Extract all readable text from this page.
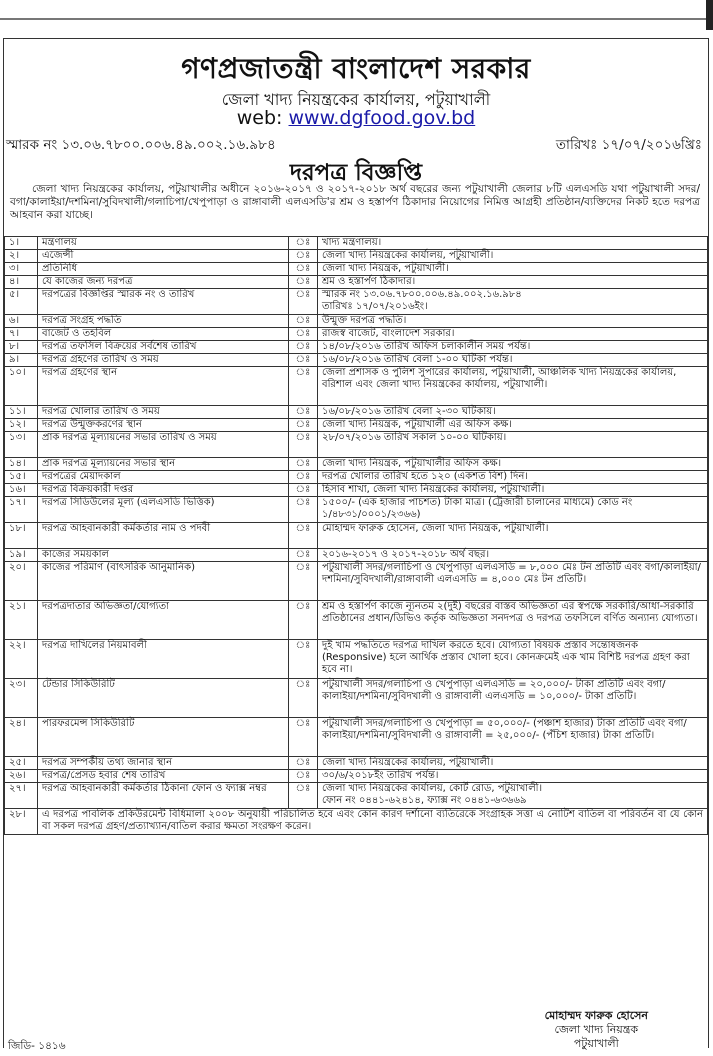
গণপ্রজাতন্ত্রী বাংলাদেশ সরকার
জেলা খাদ্য নিয়ন্ত্রকের কার্যালয়, পটুয়াখালী
web: www.dgfood.gov.bd
স্মারক নং ১৩.০৬.৭৮০০.০০৬.৪৯.০০২.১৬.৯৮৪	তারিখঃ ১৭/০৭/২০১৬খ্রিঃ
দরপত্র বিজ্ঞপ্তি

জেলা খাদ্য নিয়ন্ত্রকের কার্যালয়, পটুয়াখালীর অধীনে ২০১৬-২০১৭ ও ২০১৭-২০১৮ অর্থ বছরের জন্য পটুয়াখালী জেলার ৮টি এলএসডি যথা পটুয়াখালী সদর/বগা/কালাইয়া/দশমিনা/সুবিদখালী/গলাচিপা/খেপুপাড়া ও রাঙ্গাবালী এলএসডি'র শ্রম ও হস্তার্পণ ঠিকাদার নিয়োগের নিমিত্ত আগ্রহী প্রতিষ্ঠান/ব্যক্তিদের নিকট হতে দরপত্র আহবান করা যাচ্ছে।

১।	মন্ত্রণালয়	ঃ	খাদ্য মন্ত্রণালয়।

২।	এজেন্সী	ঃ	জেলা খাদ্য নিয়ন্ত্রকের কার্যালয়, পটুয়াখালী।

৩।	প্রতিনিধি	ঃ	জেলা খাদ্য নিয়ন্ত্রক, পটুয়াখালী।

৪।	যে কাজের জন্য দরপত্র	ঃ	শ্রম ও হস্তার্পণ ঠিকাদার।

৫।	দরপত্রের বিজ্ঞপ্তির স্মারক নং ও তারিখ	ঃ	স্মারক নং ১৩.০৬.৭৮০০.০০৬.৪৯.০০২.১৬.৯৮৪
তারিখঃ ১৭/০৭/২০১৬ইং।

৬।	দরপত্র সংগ্রহ পদ্ধতি	ঃ	উন্মুক্ত দরপত্র পদ্ধতি।

৭।	বাজেট ও তহবিল	ঃ	রাজস্ব বাজেট, বাংলাদেশ সরকার।

৮।	দরপত্র তফসিল বিক্রয়ের সর্বশেষ তারিখ	ঃ	১৪/০৮/২০১৬ তারিখ অফিস চলাকালীন সময় পর্যন্ত।

৯।	দরপত্র গ্রহণের তারিখ ও সময়	ঃ	১৬/০৮/২০১৬ তারিখ বেলা ১-০০ ঘটিকা পর্যন্ত।

১০।	দরপত্র গ্রহণের স্থান	ঃ	জেলা প্রশাসক ও পুলিশ সুপারের কার্যালয়, পটুয়াখালী, আঞ্চলিক খাদ্য নিয়ন্ত্রকের কার্যালয়, বরিশাল এবং জেলা খাদ্য নিয়ন্ত্রকের কার্যালয়, পটুয়াখালী।

১১।	দরপত্র খোলার তারিখ ও সময়	ঃ	১৬/০৮/২০১৬ তারিখ বেলা ২-৩০ ঘটিকায়।

১২।	দরপত্র উন্মুক্তকরণের স্থান	ঃ	জেলা খাদ্য নিয়ন্ত্রক, পটুয়াখালী এর অফিস কক্ষ।

১৩।	প্রাক দরপত্র মূল্যায়নের সভার তারিখ ও সময়	ঃ	২৮/০৭/২০১৬ তারিখ সকাল ১০-০০ ঘটিকায়।

১৪।	প্রাক দরপত্র মূল্যায়নের সভার স্থান	ঃ	জেলা খাদ্য নিয়ন্ত্রক, পটুয়াখালীর অফিস কক্ষ।

১৫।	দরপত্রের মেয়াদকাল	ঃ	দরপত্র খোলার তারিখ হতে ১২০ (একশত বিশ) দিন।

১৬।	দরপত্র বিক্রয়কারী দপ্তর	ঃ	হিসাব শাখা, জেলা খাদ্য নিয়ন্ত্রকের কার্যালয়, পটুয়াখালী।

১৭।	দরপত্র সিডিউলের মূল্য (এলএসডি ভিত্তিক)	ঃ	১৫০০/- (এক হাজার পাচশত) টাকা মাত্র। (ট্রেজারী চালানের মাধ্যমে) কোড নং ১/৪৮৩১/০০০১/২৩৬৬)

১৮।	দরপত্র আহবানকারী কর্মকর্তার নাম ও পদবী	ঃ	মোহাম্মদ ফারুক হোসেন, জেলা খাদ্য নিয়ন্ত্রক, পটুয়াখালী।

১৯।	কাজের সময়কাল	ঃ	২০১৬-২০১৭ ও ২০১৭-২০১৮ অর্থ বছর।

২০।	কাজের পরিমাণ (বাৎসরিক আনুমানিক)	ঃ	পটুয়াখালী সদর/গলাচিপা ও খেপুপাড়া এলএসডি = ৮,০০০ মেঃ টন প্রতিটি এবং বগা/কালাইয়া/দশমিনা/সুবিদখালী/রাঙ্গাবালী এলএসডি = ৪,০০০ মেঃ টন প্রতিটি।

২১।	দরপত্রদাতার অভিজ্ঞতা/যোগ্যতা	ঃ	শ্রম ও হস্তার্পণ কাজে ন্যূনতম ২(দুই) বছরের বাস্তব অভিজ্ঞতা এর স্বপক্ষে সরকারি/আধা-সরকারি প্রতিষ্ঠানের প্রধান/ডিভিও কর্তৃক অভিজ্ঞতা সনদপত্র ও দরপত্র তফসিলে বর্ণিত অন্যান্য যোগ্যতা।

২২।	দরপত্র দাখিলের নিয়মাবলী	ঃ	দুই খাম পদ্ধতিতে দরপত্র দাখিল করতে হবে। যোগ্যতা বিষয়ক প্রস্তাব সন্তোষজনক (Responsive) হলে আর্থিক প্রস্তাব খোলা হবে। কোনক্রমেই এক খাম বিশিষ্ট দরপত্র গ্রহণ করা হবে না।

২৩।	টেন্ডার সিকিউরিটি	ঃ	পটুয়াখালী সদর/গলাচিপা ও খেপুপাড়া এলএসডি = ২০,০০০/- টাকা প্রতিটি এবং বগা/কালাইয়া/দশমিনা/সুবিদখালী ও রাঙ্গাবালী এলএসডি = ১০,০০০/- টাকা প্রতিটি।

২৪।	পারফরমেন্স সিকিউরিটি	ঃ	পটুয়াখালী সদর/গলাচিপা ও খেপুপাড়া = ৫০,০০০/- (পঞ্চাশ হাজার) টাকা প্রতিটি এবং বগা/কালাইয়া/দশমিনা/সুবিদখালী ও রাঙ্গাবালী = ২৫,০০০/- (পঁচিশ হাজার) টাকা প্রতিটি।

২৫।	দরপত্র সম্পর্কীয় তথ্য জানার স্থান	ঃ	জেলা খাদ্য নিয়ন্ত্রকের কার্যালয়, পটুয়াখালী।

২৬।	দরপত্র/প্রেসড হবার শেষ তারিখ	ঃ	৩০/৬/২০১৮ইং তারিখ পর্যন্ত।

২৭।	দরপত্র আহবানকারী কর্মকর্তার ঠিকানা ফোন ও ফ্যাক্স নম্বর	ঃ	জেলা খাদ্য নিয়ন্ত্রকের কার্যালয়, কোর্ট রোড, পটুয়াখালী।
ফোন নং ০৪৪১-৬২৪১৪, ফ্যাক্স নং ০৪৪১-৬৩৬৬৯

২৮।	এ দরপত্র পাবলিক প্রকিউরমেন্ট বিধিমালা ২০০৮ অনুযায়ী পরিচালিত হবে এবং কোন কারণ দর্শানো ব্যতিরেকে সংগ্রাহক সত্তা এ নোটিশ বাতিল বা পরিবর্তন বা যে কোন বা সকল দরপত্র গ্রহণ/প্রত্যাখ্যান/বাতিল করার ক্ষমতা সংরক্ষণ করেন।		
মোহাম্মদ ফারুক হোসেন
জেলা খাদ্য নিয়ন্ত্রক
পটুয়াখালী
জিডি- ১৪১৬
